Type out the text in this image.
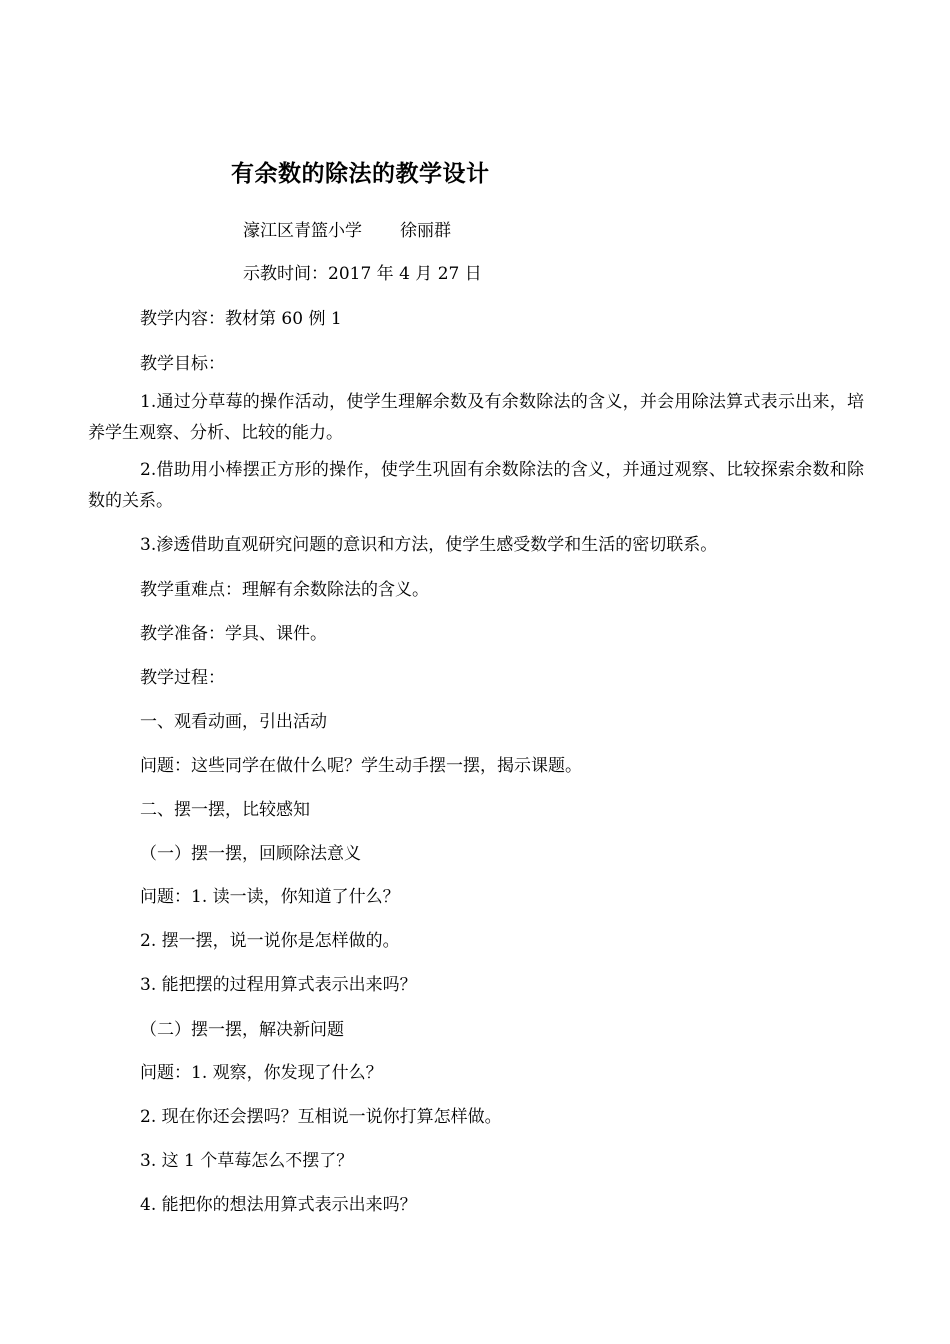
有余数的除法的教学设计
濠江区青篮小学 徐丽群
示教时间：2017 年 4 月 27 日
教学内容：教材第 60 例 1
教学目标：
1.通过分草莓的操作活动，使学生理解余数及有余数除法的含义，并会用除法算式表示出来，培养学生观察、分析、比较的能力。
2.借助用小棒摆正方形的操作，使学生巩固有余数除法的含义，并通过观察、比较探索余数和除数的关系。
3.渗透借助直观研究问题的意识和方法，使学生感受数学和生活的密切联系。
教学重难点：理解有余数除法的含义。
教学准备：学具、课件。
教学过程：
一、观看动画，引出活动
问题：这些同学在做什么呢？学生动手摆一摆，揭示课题。
二、摆一摆，比较感知
（一）摆一摆，回顾除法意义
问题：1. 读一读，你知道了什么？
2. 摆一摆，说一说你是怎样做的。
3. 能把摆的过程用算式表示出来吗？
（二）摆一摆，解决新问题
问题：1. 观察，你发现了什么？
2. 现在你还会摆吗？互相说一说你打算怎样做。
3. 这 1 个草莓怎么不摆了？
4. 能把你的想法用算式表示出来吗？
